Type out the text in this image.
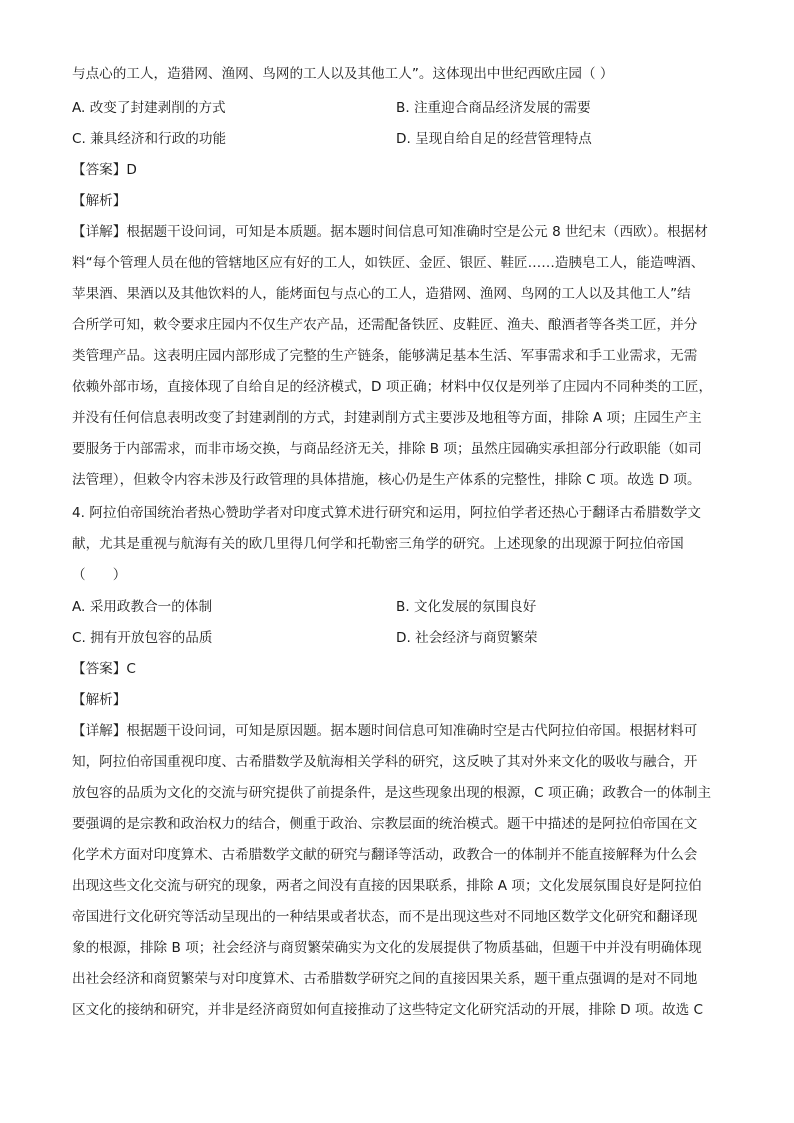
与点心的工人，造猎网、渔网、鸟网的工人以及其他工人”。这体现出中世纪西欧庄园（ ）
A. 改变了封建剥削的方式	B. 注重迎合商品经济发展的需要
C. 兼具经济和行政的功能	D. 呈现自给自足的经营管理特点
【答案】D
【解析】
【详解】根据题干设问词，可知是本质题。据本题时间信息可知准确时空是公元 8 世纪末（西欧）。根据材
料“每个管理人员在他的管辖地区应有好的工人，如铁匠、金匠、银匠、鞋匠……造胰皂工人，能造啤酒、
苹果酒、果酒以及其他饮料的人，能烤面包与点心的工人，造猎网、渔网、鸟网的工人以及其他工人”结
合所学可知，敕令要求庄园内不仅生产农产品，还需配备铁匠、皮鞋匠、渔夫、酿酒者等各类工匠，并分
类管理产品。这表明庄园内部形成了完整的生产链条，能够满足基本生活、军事需求和手工业需求，无需
依赖外部市场，直接体现了自给自足的经济模式，D 项正确；材料中仅仅是列举了庄园内不同种类的工匠，
并没有任何信息表明改变了封建剥削的方式，封建剥削方式主要涉及地租等方面，排除 A 项；庄园生产主
要服务于内部需求，而非市场交换，与商品经济无关，排除 B 项；虽然庄园确实承担部分行政职能（如司
法管理），但敕令内容未涉及行政管理的具体措施，核心仍是生产体系的完整性，排除 C 项。故选 D 项。
4. 阿拉伯帝国统治者热心赞助学者对印度式算术进行研究和运用，阿拉伯学者还热心于翻译古希腊数学文
献，尤其是重视与航海有关的欧几里得几何学和托勒密三角学的研究。上述现象的出现源于阿拉伯帝国
（　　）
A. 采用政教合一的体制	B. 文化发展的氛围良好
C. 拥有开放包容的品质	D. 社会经济与商贸繁荣
【答案】C
【解析】
【详解】根据题干设问词，可知是原因题。据本题时间信息可知准确时空是古代阿拉伯帝国。根据材料可
知，阿拉伯帝国重视印度、古希腊数学及航海相关学科的研究，这反映了其对外来文化的吸收与融合，开
放包容的品质为文化的交流与研究提供了前提条件，是这些现象出现的根源，C 项正确；政教合一的体制主
要强调的是宗教和政治权力的结合，侧重于政治、宗教层面的统治模式。题干中描述的是阿拉伯帝国在文
化学术方面对印度算术、古希腊数学文献的研究与翻译等活动，政教合一的体制并不能直接解释为什么会
出现这些文化交流与研究的现象，两者之间没有直接的因果联系，排除 A 项；文化发展氛围良好是阿拉伯
帝国进行文化研究等活动呈现出的一种结果或者状态，而不是出现这些对不同地区数学文化研究和翻译现
象的根源，排除 B 项；社会经济与商贸繁荣确实为文化的发展提供了物质基础，但题干中并没有明确体现
出社会经济和商贸繁荣与对印度算术、古希腊数学研究之间的直接因果关系，题干重点强调的是对不同地
区文化的接纳和研究，并非是经济商贸如何直接推动了这些特定文化研究活动的开展，排除 D 项。故选 C
